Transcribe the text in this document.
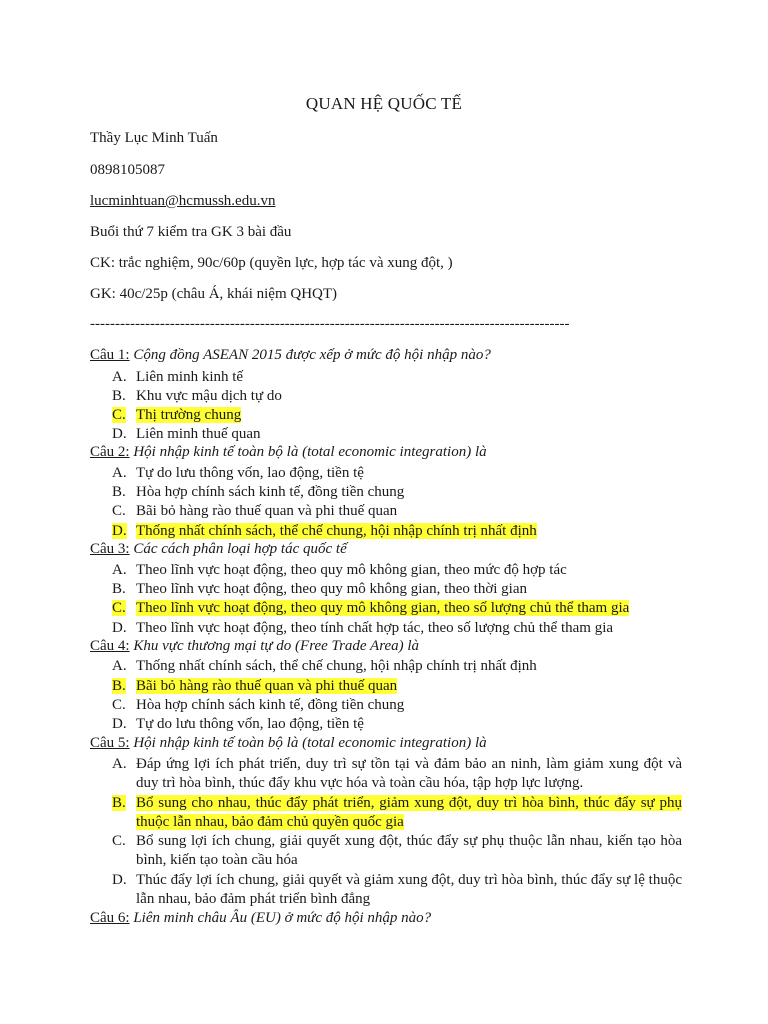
QUAN HỆ QUỐC TẾ
Thầy Lục Minh Tuấn
0898105087
lucminhtuan@hcmussh.edu.vn
Buổi thứ 7 kiểm tra GK 3 bài đầu
CK: trắc nghiệm, 90c/60p (quyền lực, hợp tác và xung đột, )
GK: 40c/25p (châu Á, khái niệm QHQT)
------------------------------------------------------------------------------------------------
Câu 1: Cộng đồng ASEAN 2015 được xếp ở mức độ hội nhập nào?
A. Liên minh kinh tế
B. Khu vực mậu dịch tự do
C. Thị trường chung
D. Liên minh thuế quan
Câu 2: Hội nhập kinh tế toàn bộ là (total economic integration) là
A. Tự do lưu thông vốn, lao động, tiền tệ
B. Hòa hợp chính sách kinh tế, đồng tiền chung
C. Bãi bỏ hàng rào thuế quan và phi thuế quan
D. Thống nhất chính sách, thể chế chung, hội nhập chính trị nhất định
Câu 3: Các cách phân loại hợp tác quốc tế
A. Theo lĩnh vực hoạt động, theo quy mô không gian, theo mức độ hợp tác
B. Theo lĩnh vực hoạt động, theo quy mô không gian, theo thời gian
C. Theo lĩnh vực hoạt động, theo quy mô không gian, theo số lượng chủ thể tham gia
D. Theo lĩnh vực hoạt động, theo tính chất hợp tác, theo số lượng chủ thể tham gia
Câu 4: Khu vực thương mại tự do (Free Trade Area) là
A. Thống nhất chính sách, thể chế chung, hội nhập chính trị nhất định
B. Bãi bỏ hàng rào thuế quan và phi thuế quan
C. Hòa hợp chính sách kinh tế, đồng tiền chung
D. Tự do lưu thông vốn, lao động, tiền tệ
Câu 5: Hội nhập kinh tế toàn bộ là (total economic integration) là
A. Đáp ứng lợi ích phát triển, duy trì sự tồn tại và đảm bảo an ninh, làm giảm xung đột và duy trì hòa bình, thúc đẩy khu vực hóa và toàn cầu hóa, tập hợp lực lượng.
B. Bổ sung cho nhau, thúc đẩy phát triển, giảm xung đột, duy trì hòa bình, thúc đẩy sự phụ thuộc lẫn nhau, bảo đảm chủ quyền quốc gia
C. Bổ sung lợi ích chung, giải quyết xung đột, thúc đẩy sự phụ thuộc lẫn nhau, kiến tạo hòa bình, kiến tạo toàn cầu hóa
D. Thúc đẩy lợi ích chung, giải quyết và giảm xung đột, duy trì hòa bình, thúc đẩy sự lệ thuộc lẫn nhau, bảo đảm phát triển bình đẳng
Câu 6: Liên minh châu Âu (EU) ở mức độ hội nhập nào?
